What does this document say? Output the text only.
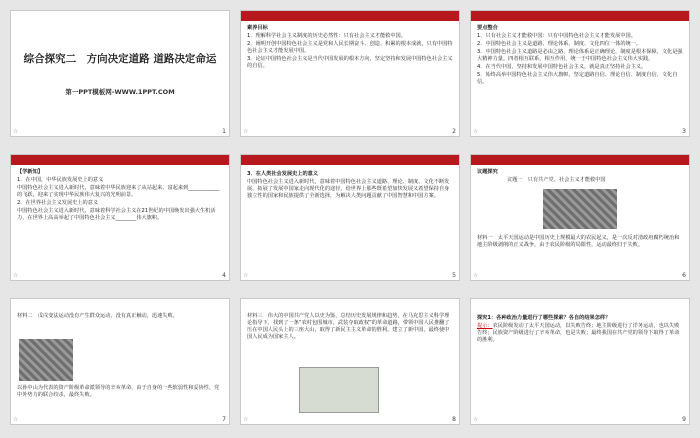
综合探究二　方向决定道路 道路决定命运
第一PPT模板网-WWW.1PPT.COM
☆	1

素养目标

1．理解科学社会主义制度的历史必然性：只有社会主义才能救中国。

2．阐明开创中国特色社会主义是党和人民长期奋斗、创造、积累的根本成就，只有中国特色社会主义才能发展中国。

3．论证中国特色社会主义是当代中国发展的根本方向，坚定坚持和发展中国特色社会主义的自信。

☆	2

要点整合

1．只有社会主义才能救中国：只有中国特色社会主义才能发展中国。

2．中国特色社会主义是道路、理论体系、制度、文化四位一体的统一。

3．中国特色社会主义道路是必由之路，理论体系是正确理论，制度是根本保障，文化是强大精神力量。四者相互联系，相互作用，统一于中国特色社会主义伟大实践。

4．在当代中国，坚持和发展中国特色社会主义，就是真正坚持社会主义。

5．始终高举中国特色社会主义伟大旗帜，坚定道路自信、理论自信、制度自信、文化自信。

☆	3

【学新知】

1．在中国，中华民族发展史上的意义

中国特色社会主义进入新时代，意味着中华民族迎来了从站起来、富起来到____________的飞跃，迎来了实现中华民族伟大复兴的光明前景。

2．在世界社会主义发展史上的意义

中国特色社会主义进入新时代，意味着科学社会主义在21世纪的中国焕发出强大生机活力，在世界上高高举起了中国特色社会主义________伟大旗帜。

☆	4

3．在人类社会发展史上的意义

中国特色社会主义进入新时代，意味着中国特色社会主义道路、理论、制度、文化不断发展，拓展了发展中国家走向现代化的途径，给世界上那些既希望加快发展又希望保持自身独立性的国家和民族提供了全新选择，为解决人类问题贡献了中国智慧和中国方案。

☆	5

议题探究

议题一　只有共产党、社会主义才能救中国

材料一　太平天国运动是中国历史上规模最大的农民起义，是一次反对清政府腐朽统治和地主阶级剥削的正义战争，由于农民阶级的局限性，运动最终归于失败。

☆	6

材料二　戊戌变法运动没有产生群众运动，没有真正触动，迅速失败。

以孙中山为代表的资产阶级革命派领导的辛亥革命，由于自身的一些软弱性和妥协性，党中外势力的联合绞杀，最终失败。

☆	7

材料三　伟大的中国共产党人以史为鉴，总结历史发展规律和趋势，在马克思主义科学理论指导下，找到了一条“农村包围城市，武装夺取政权”的革命道路，带领中国人民推翻了压在中国人民头上的三座大山，取得了新民主主义革命的胜利，建立了新中国，最终使中国人民成为国家主人。

☆	8

探究1：各种政治力量进行了哪些探索？各自的结果怎样？

提示：农民阶级发动了太平天国运动，以失败告终；地主阶级进行了洋务运动，也以失败告终；民族资产阶级进行了辛亥革命，也是失败；最终我国在共产党的领导下取得了革命的胜利。

☆	9
